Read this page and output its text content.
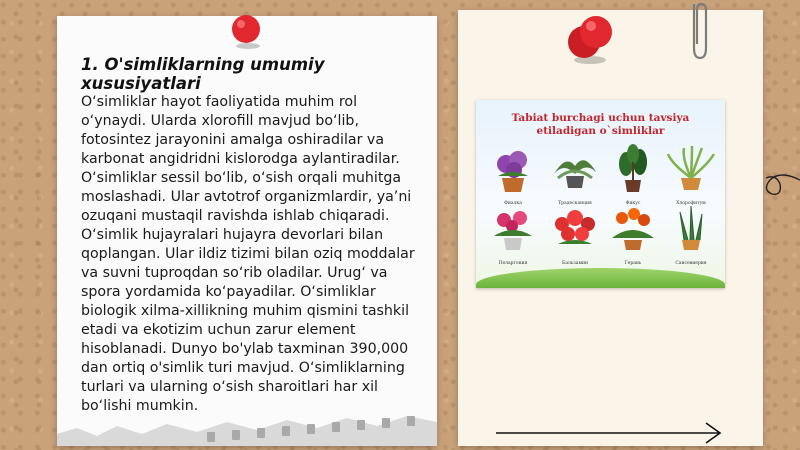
1. O'simliklarning umumiy xususiyatlari

O‘simliklar hayot faoliyatida muhim rol o‘ynaydi. Ularda xlorofill mavjud bo‘lib, fotosintez jarayonini amalga oshiradilar va karbonat angidridni kislorodga aylantiradilar. O‘simliklar sessil bo‘lib, o‘sish orqali muhitga moslashadi. Ular avtotrof organizmlardir, ya’ni ozuqani mustaqil ravishda ishlab chiqaradi. O‘simlik hujayralari hujayra devorlari bilan qoplangan. Ular ildiz tizimi bilan oziq moddalar va suvni tuproqdan so‘rib oladilar. Urug‘ va spora yordamida ko‘payadilar. O‘simliklar biologik xilma-xillikning muhim qismini tashkil etadi va ekotizim uchun zarur element hisoblanadi. Dunyo bo'ylab taxminan 390,000 dan ortiq o'simlik turi mavjud. O‘simliklarning turlari va ularning o‘sish sharoitlari har xil bo‘lishi mumkin.

Tabiat burchagi uchun tavsiya
etiladigan o`simliklar
Фиалка	Традесканция	Фикус	Хлорофитум
Пеларгония	Бальзамин	Герань	Сансевиерия
